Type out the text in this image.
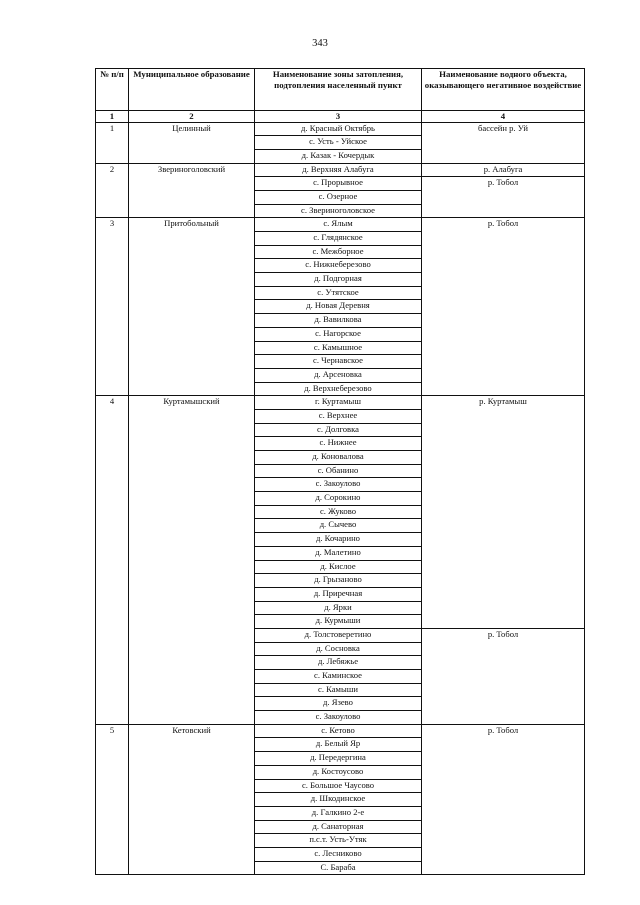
343
№ п/п	Муниципальное образование	Наименование зоны затопления, подтопления населенный пункт	Наименование водного объекта, оказывающего негативное воздействие
1	2	3	4
1	Целинный	д. Красный Октябрь	бассейн р. Уй
		с. Усть - Уйское	
		д. Казак - Кочердык	
2	Звериноголовский	д. Верхняя Алабуга	р. Алабуга
		с. Прорывное	р. Тобол
		с. Озерное	
		с. Звериноголовское	
3	Притобольный	с. Ялым	р. Тобол
		с. Глядянское	
		с. Межборное	
		с. Нижнеберезово	
		д. Подгорная	
		с. Утятское	
		д. Новая Деревня	
		д. Вавилкова	
		с. Нагорское	
		с. Камышное	
		с. Чернавское	
		д. Арсеновка	
		д. Верхнеберезово	
4	Куртамышский	г. Куртамыш	р. Куртамыш
		с. Верхнее	
		с. Долговка	
		с. Нижнее	
		д. Коновалова	
		с. Обанино	
		с. Закоулово	
		д. Сорокино	
		с. Жуково	
		д. Сычево	
		д. Кочарино	
		д. Малетино	
		д. Кислое	
		д. Грызаново	
		д. Приречная	
		д. Ярки	
		д. Курмыши	
		д. Толстоверетино	р. Тобол
		д. Сосновка	
		д. Лебяжье	
		с. Каминское	
		с. Камыши	
		д. Язево	
		с. Закоулово	
5	Кетовский	с. Кетово	р. Тобол
		д. Белый Яр	
		д. Передергина	
		д. Костоусово	
		с. Большое Чаусово	
		д. Шкодинское	
		д. Галкино 2-е	
		д. Санаторная	
		п.с.т. Усть-Утяк	
		с. Лесниково	
		С. Бараба	
